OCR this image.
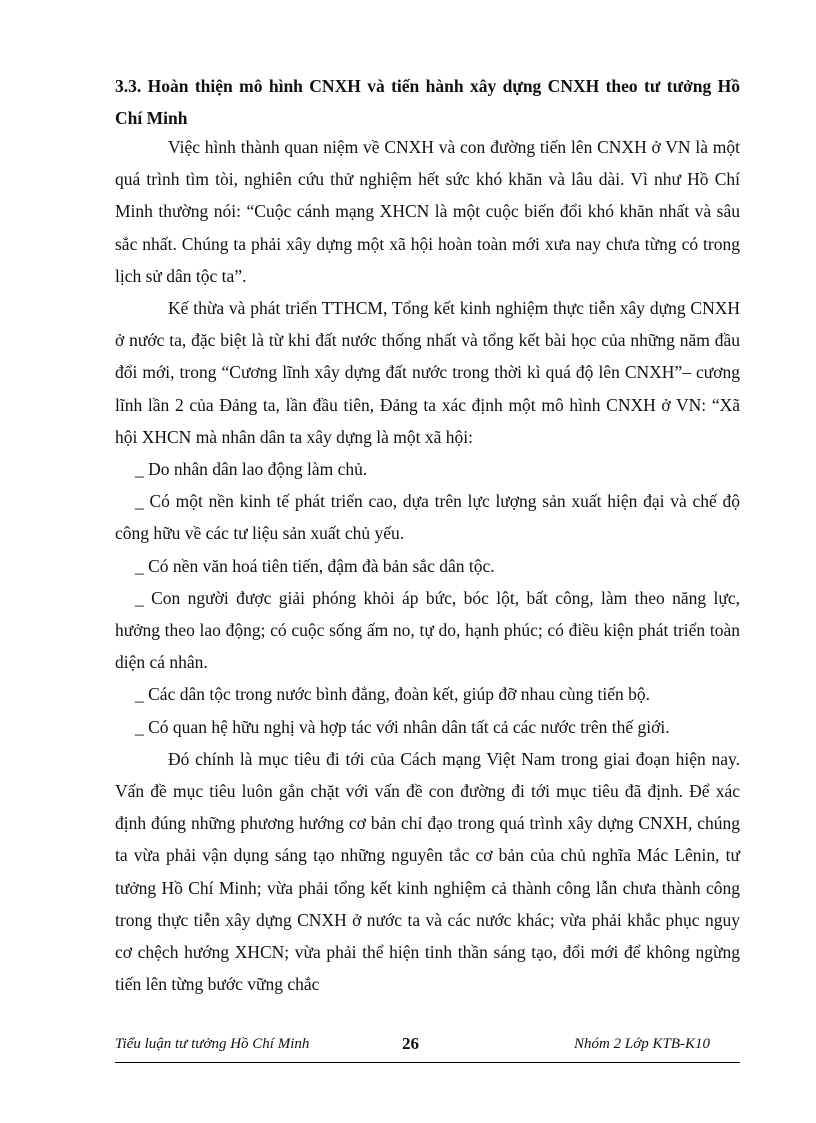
3.3. Hoàn thiện mô hình CNXH và tiến hành xây dựng CNXH theo tư tưởng Hồ Chí Minh

Việc hình thành quan niệm về CNXH và con đường tiến lên CNXH ở VN là một quá trình tìm tòi, nghiên cứu thử nghiệm hết sức khó khăn và lâu dài. Vì như Hồ Chí Minh thường nói: “Cuộc cánh mạng XHCN là một cuộc biến đổi khó khăn nhất và sâu sắc nhất. Chúng ta phải xây dựng một xã hội hoàn toàn mới xưa nay chưa từng có trong lịch sử dân tộc ta”.

Kế thừa và phát triển TTHCM, Tổng kết kinh nghiệm thực tiễn xây dựng CNXH ở nước ta, đặc biệt là từ khi đất nước thống nhất và tổng kết bài học của những năm đầu đổi mới, trong “Cương lĩnh xây dựng đất nước trong thời kì quá độ lên CNXH”– cương lĩnh lần 2 của Đảng ta, lần đầu tiên, Đảng ta xác định một mô hình CNXH ở VN: “Xã hội XHCN mà nhân dân ta xây dựng là một xã hội:

_ Do nhân dân lao động làm chủ.

_ Có một nền kinh tế phát triển cao, dựa trên lực lượng sản xuất hiện đại và chế độ công hữu về các tư liệu sản xuất chủ yếu.

_ Có nền văn hoá tiên tiến, đậm đà bản sắc dân tộc.

_ Con người được giải phóng khỏi áp bức, bóc lột, bất công, làm theo năng lực, hưởng theo lao động; có cuộc sống ấm no, tự do, hạnh phúc; có điều kiện phát triển toàn diện cá nhân.

_ Các dân tộc trong nước bình đẳng, đoàn kết, giúp đỡ nhau cùng tiến bộ.

_ Có quan hệ hữu nghị và hợp tác với nhân dân tất cả các nước trên thế giới.

Đó chính là mục tiêu đi tới của Cách mạng Việt Nam trong giai đoạn hiện nay. Vấn đề mục tiêu luôn gắn chặt với vấn đề con đường đi tới mục tiêu đã định. Để xác định đúng những phương hướng cơ bản chỉ đạo trong quá trình xây dựng CNXH, chúng ta vừa phải vận dụng sáng tạo những nguyên tắc cơ bản của chủ nghĩa Mác Lênin, tư tưởng Hồ Chí Minh; vừa phải tổng kết kinh nghiệm cả thành công lẫn chưa thành công trong thực tiễn xây dựng CNXH ở nước ta và các nước khác; vừa phải khắc phục nguy cơ chệch hướng XHCN; vừa phải thể hiện tinh thần sáng tạo, đổi mới để không ngừng tiến lên từng bước vững chắc

Tiểu luận tư tưởng Hồ Chí Minh	26	Nhóm 2 Lớp KTB-K10
